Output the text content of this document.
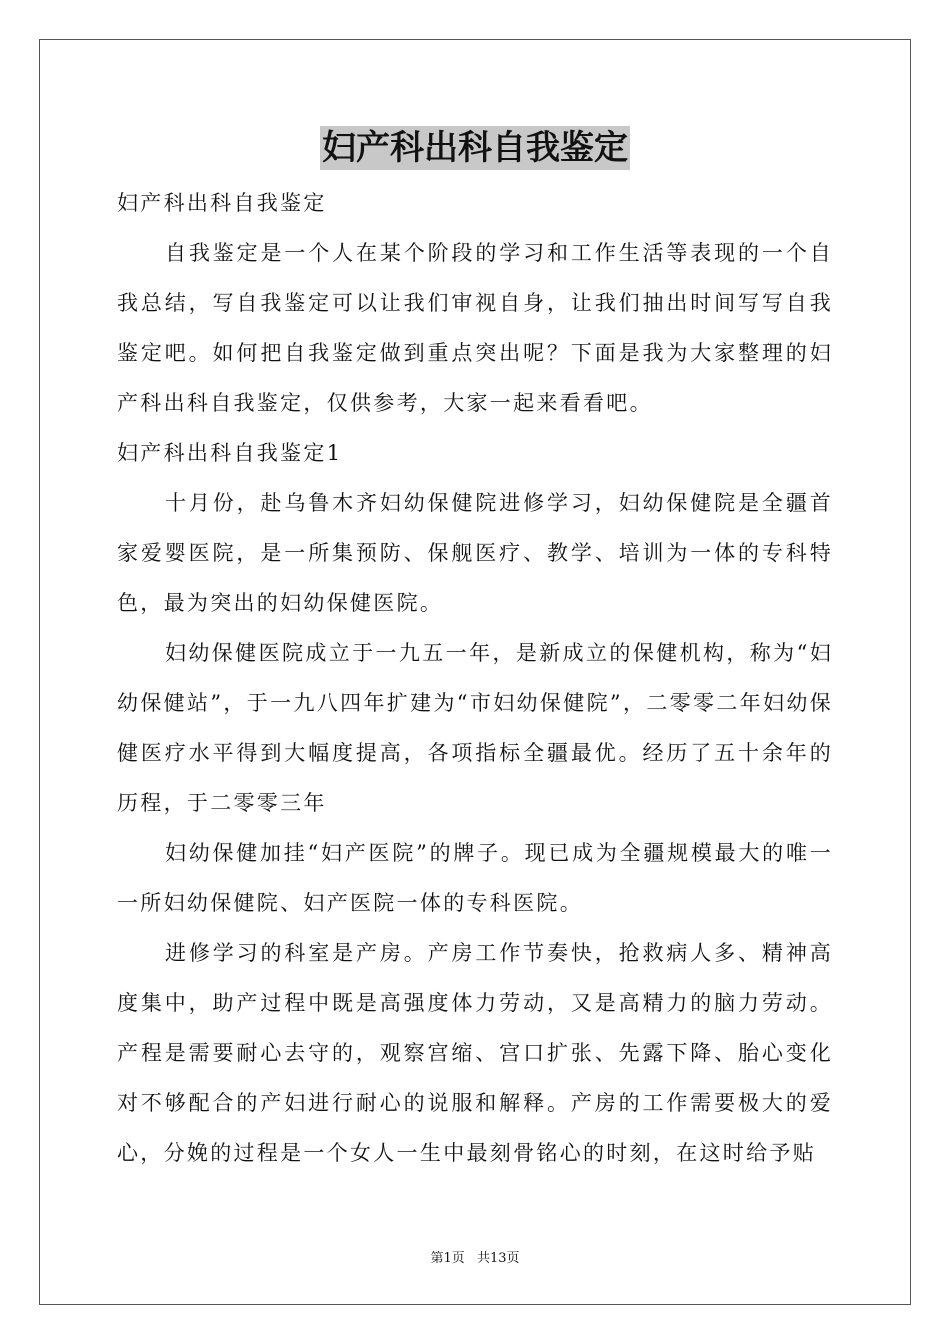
妇产科出科自我鉴定

妇产科出科自我鉴定

自我鉴定是一个人在某个阶段的学习和工作生活等表现的一个自我总结，写自我鉴定可以让我们审视自身，让我们抽出时间写写自我鉴定吧。如何把自我鉴定做到重点突出呢？下面是我为大家整理的妇产科出科自我鉴定，仅供参考，大家一起来看看吧。

妇产科出科自我鉴定1

十月份，赴乌鲁木齐妇幼保健院进修学习，妇幼保健院是全疆首家爱婴医院，是一所集预防、保舰医疗、教学、培训为一体的专科特色，最为突出的妇幼保健医院。

妇幼保健医院成立于一九五一年，是新成立的保健机构，称为“妇幼保健站”，于一九八四年扩建为“市妇幼保健院”，二零零二年妇幼保健医疗水平得到大幅度提高，各项指标全疆最优。经历了五十余年的历程，于二零零三年

妇幼保健加挂“妇产医院”的牌子。现已成为全疆规模最大的唯一一所妇幼保健院、妇产医院一体的专科医院。

进修学习的科室是产房。产房工作节奏快，抢救病人多、精神高度集中，助产过程中既是高强度体力劳动，又是高精力的脑力劳动。产程是需要耐心去守的，观察宫缩、宫口扩张、先露下降、胎心变化对不够配合的产妇进行耐心的说服和解释。产房的工作需要极大的爱心，分娩的过程是一个女人一生中最刻骨铭心的时刻，在这时给予贴

第1页 共13页
